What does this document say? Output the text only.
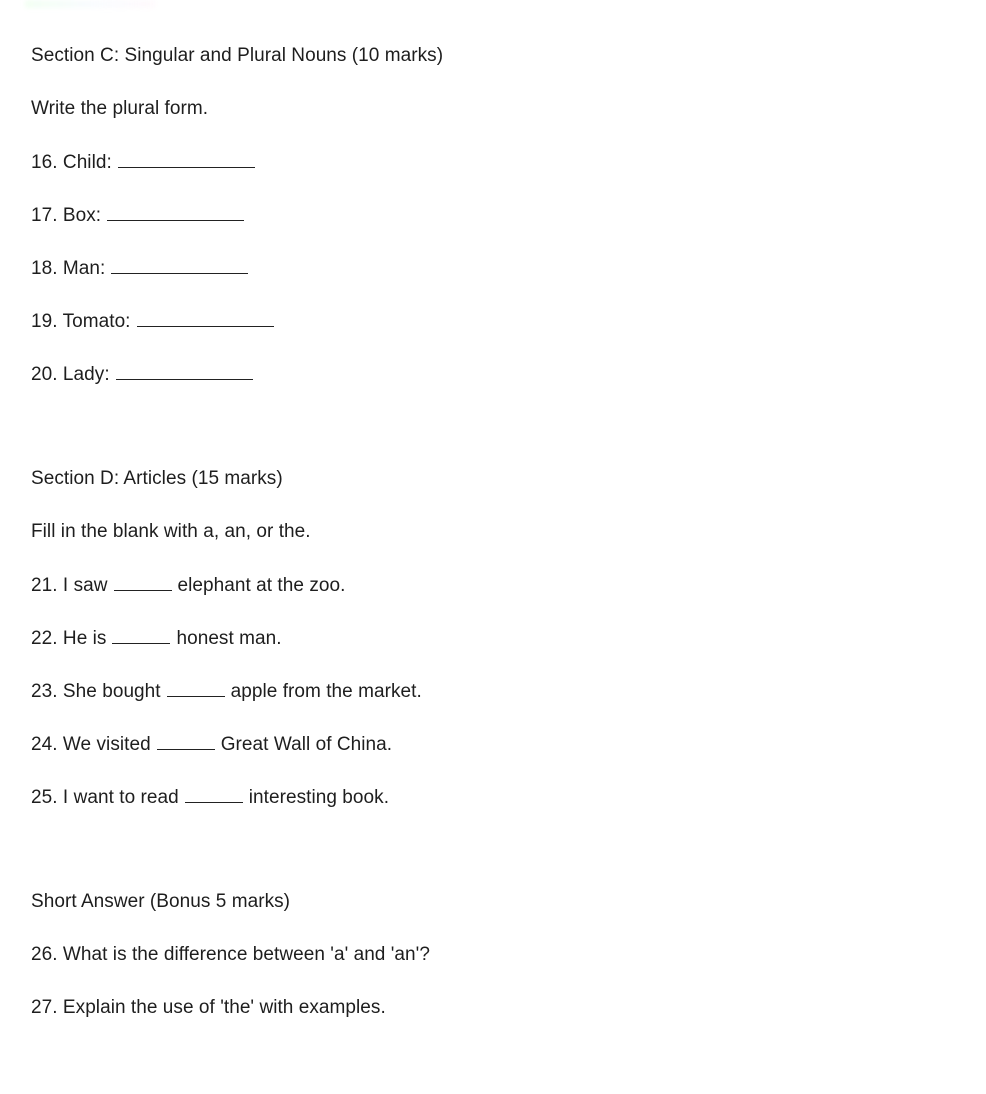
Section C: Singular and Plural Nouns (10 marks)
Write the plural form.
16. Child:
17. Box:
18. Man:
19. Tomato:
20. Lady:
Section D: Articles (15 marks)
Fill in the blank with a, an, or the.
21. I saw	elephant at the zoo.
22. He is	honest man.
23. She bought	apple from the market.
24. We visited	Great Wall of China.
25. I want to read	interesting book.
Short Answer (Bonus 5 marks)
26. What is the difference between 'a' and 'an'?
27. Explain the use of 'the' with examples.
